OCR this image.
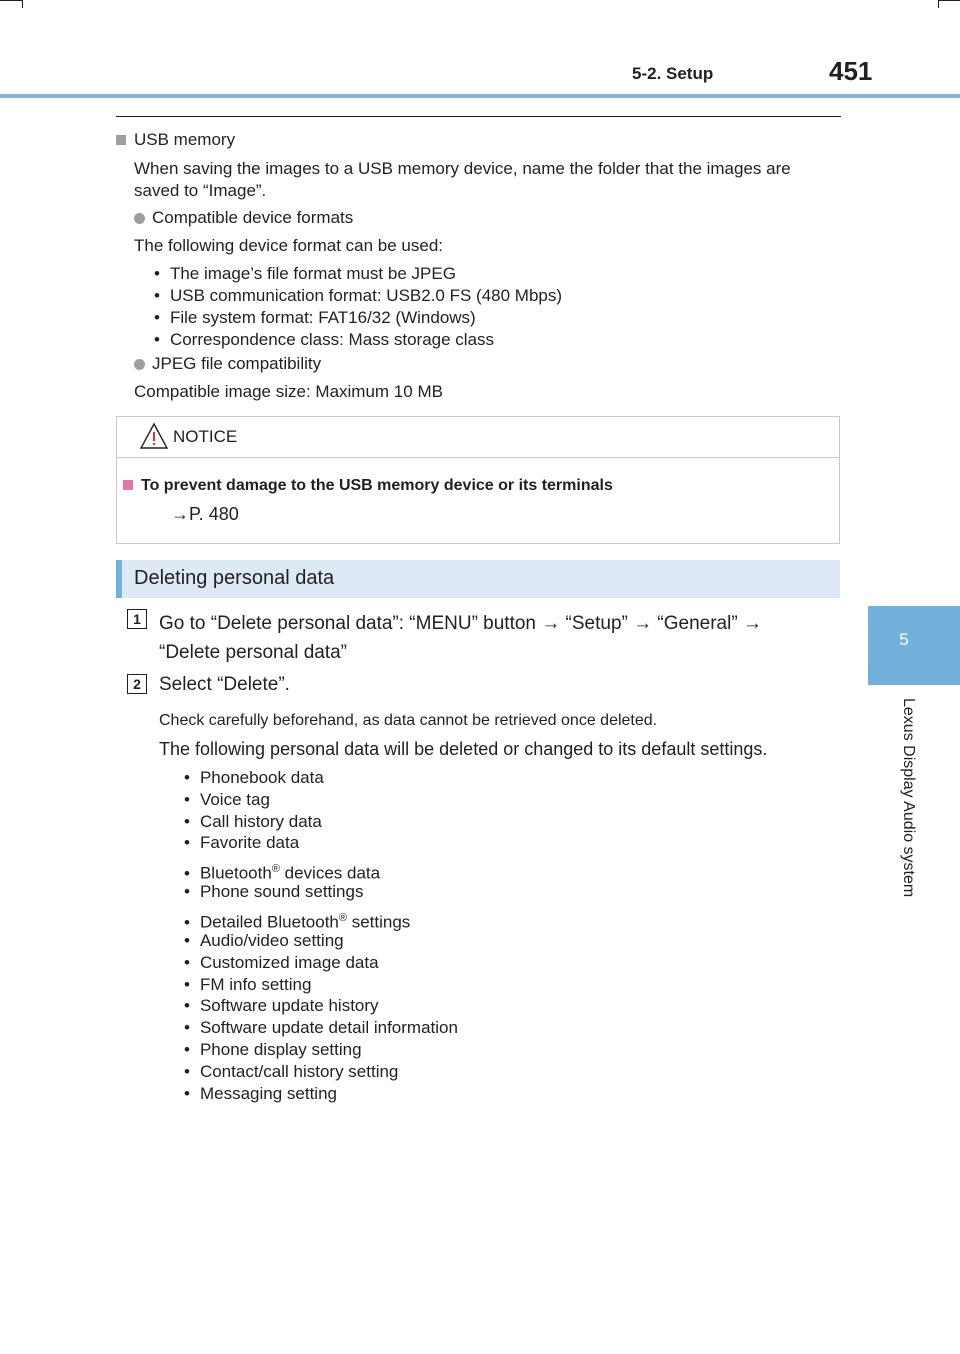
5-2. Setup	451
5
Lexus Display Audio system
USB memory
When saving the images to a USB memory device, name the folder that the images are
saved to “Image”.
Compatible device formats
The following device format can be used:
• The image’s file format must be JPEG
• USB communication format: USB2.0 FS (480 Mbps)
• File system format: FAT16/32 (Windows)
• Correspondence class: Mass storage class
JPEG file compatibility
Compatible image size: Maximum 10 MB
NOTICE
To prevent damage to the USB memory device or its terminals
→P. 480
Deleting personal data
1 Go to “Delete personal data”: “MENU” button → “Setup” → “General” →
“Delete personal data”
2 Select “Delete”.
Check carefully beforehand, as data cannot be retrieved once deleted.
The following personal data will be deleted or changed to its default settings.
• Phonebook data
• Voice tag
• Call history data
• Favorite data
• Bluetooth® devices data
• Phone sound settings
• Detailed Bluetooth® settings
• Audio/video setting
• Customized image data
• FM info setting
• Software update history
• Software update detail information
• Phone display setting
• Contact/call history setting
• Messaging setting
